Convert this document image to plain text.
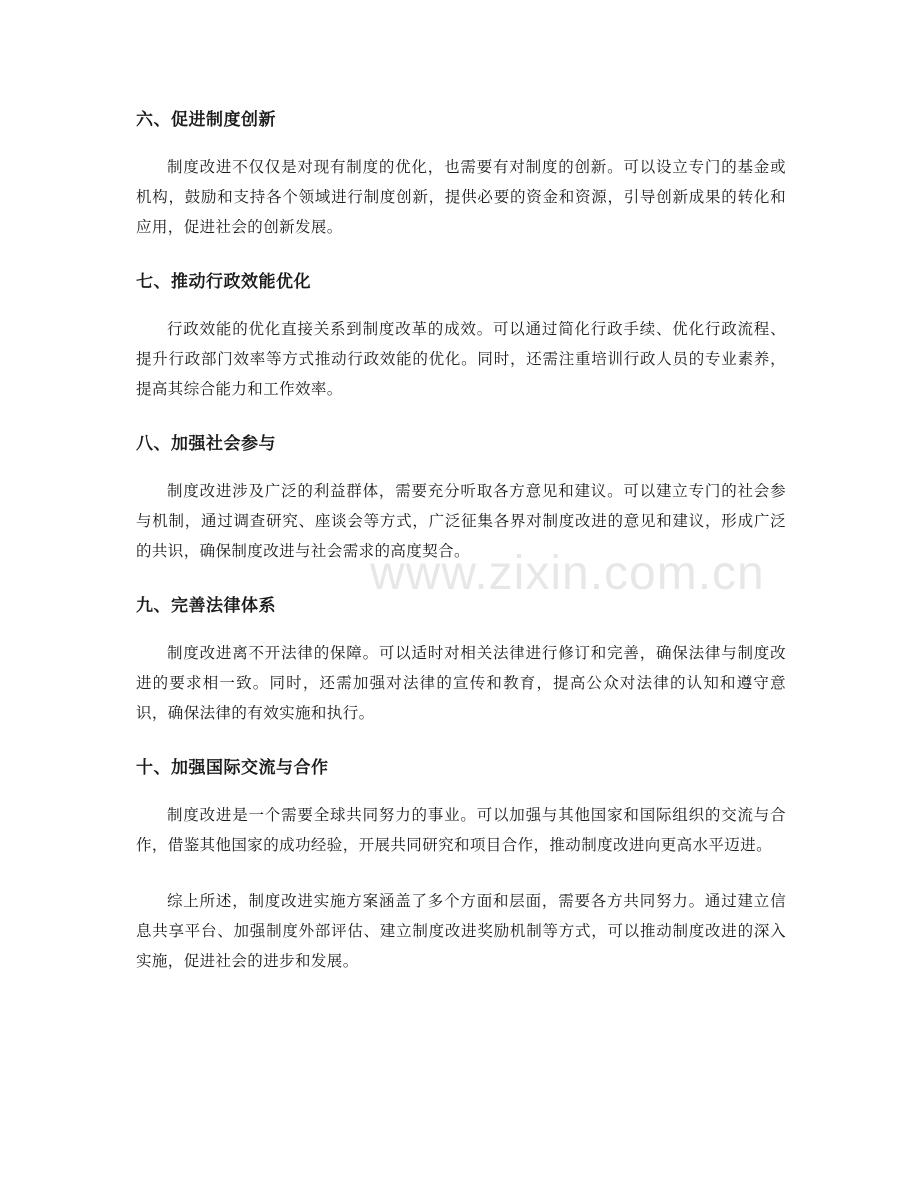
六、促进制度创新

制度改进不仅仅是对现有制度的优化，也需要有对制度的创新。可以设立专门的基金或机构，鼓励和支持各个领域进行制度创新，提供必要的资金和资源，引导创新成果的转化和应用，促进社会的创新发展。

七、推动行政效能优化

行政效能的优化直接关系到制度改革的成效。可以通过简化行政手续、优化行政流程、提升行政部门效率等方式推动行政效能的优化。同时，还需注重培训行政人员的专业素养，提高其综合能力和工作效率。

八、加强社会参与

制度改进涉及广泛的利益群体，需要充分听取各方意见和建议。可以建立专门的社会参与机制，通过调查研究、座谈会等方式，广泛征集各界对制度改进的意见和建议，形成广泛的共识，确保制度改进与社会需求的高度契合。

九、完善法律体系

制度改进离不开法律的保障。可以适时对相关法律进行修订和完善，确保法律与制度改进的要求相一致。同时，还需加强对法律的宣传和教育，提高公众对法律的认知和遵守意识，确保法律的有效实施和执行。

十、加强国际交流与合作

制度改进是一个需要全球共同努力的事业。可以加强与其他国家和国际组织的交流与合作，借鉴其他国家的成功经验，开展共同研究和项目合作，推动制度改进向更高水平迈进。

综上所述，制度改进实施方案涵盖了多个方面和层面，需要各方共同努力。通过建立信息共享平台、加强制度外部评估、建立制度改进奖励机制等方式，可以推动制度改进的深入实施，促进社会的进步和发展。

www.zixin.com.cn
